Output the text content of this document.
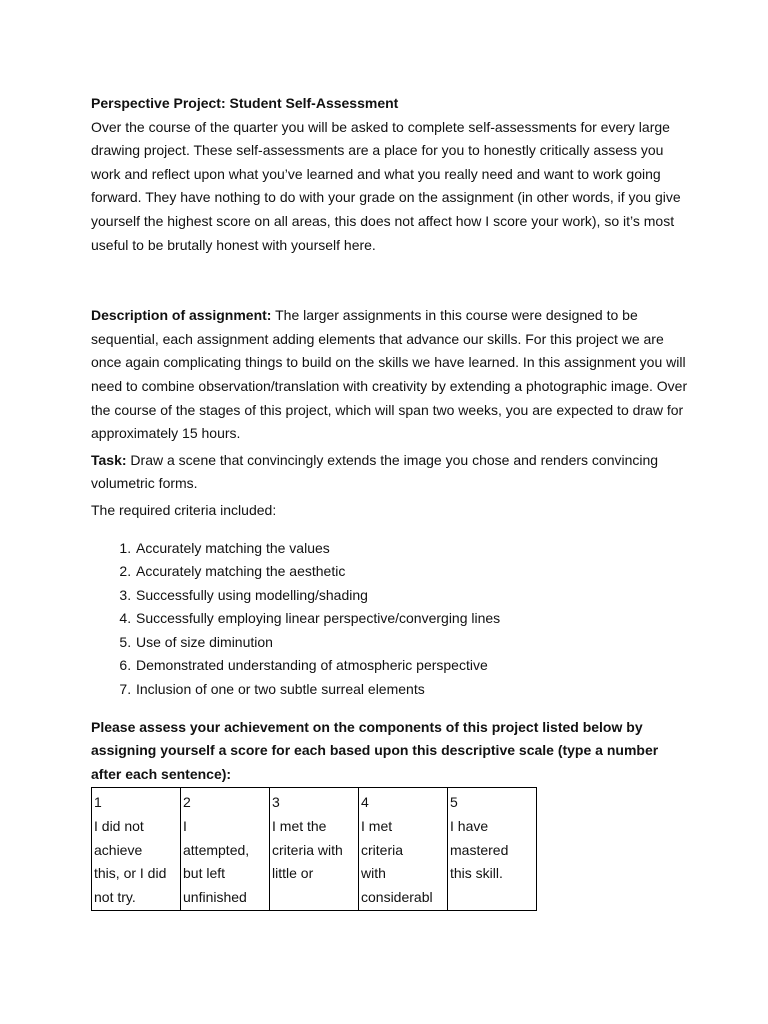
Perspective Project: Student Self-Assessment

Over the course of the quarter you will be asked to complete self-assessments for every large drawing project. These self-assessments are a place for you to honestly critically assess you work and reflect upon what you’ve learned and what you really need and want to work going forward. They have nothing to do with your grade on the assignment (in other words, if you give yourself the highest score on all areas, this does not affect how I score your work), so it’s most useful to be brutally honest with yourself here.

Description of assignment: The larger assignments in this course were designed to be sequential, each assignment adding elements that advance our skills. For this project we are once again complicating things to build on the skills we have learned. In this assignment you will need to combine observation/translation with creativity by extending a photographic image. Over the course of the stages of this project, which will span two weeks, you are expected to draw for approximately 15 hours.

Task: Draw a scene that convincingly extends the image you chose and renders convincing volumetric forms.

The required criteria included:

1. Accurately matching the values
2. Accurately matching the aesthetic
3. Successfully using modelling/shading
4. Successfully employing linear perspective/converging lines
5. Use of size diminution
6. Demonstrated understanding of atmospheric perspective
7. Inclusion of one or two subtle surreal elements

Please assess your achievement on the components of this project listed below by assigning yourself a score for each based upon this descriptive scale (type a number after each sentence):

1
I did not
achieve
this, or I did
not try.

2
I
attempted,
but left
unfinished

3
I met the
criteria with
little or

4
I met
criteria
with
considerabl

5
I have
mastered
this skill.
